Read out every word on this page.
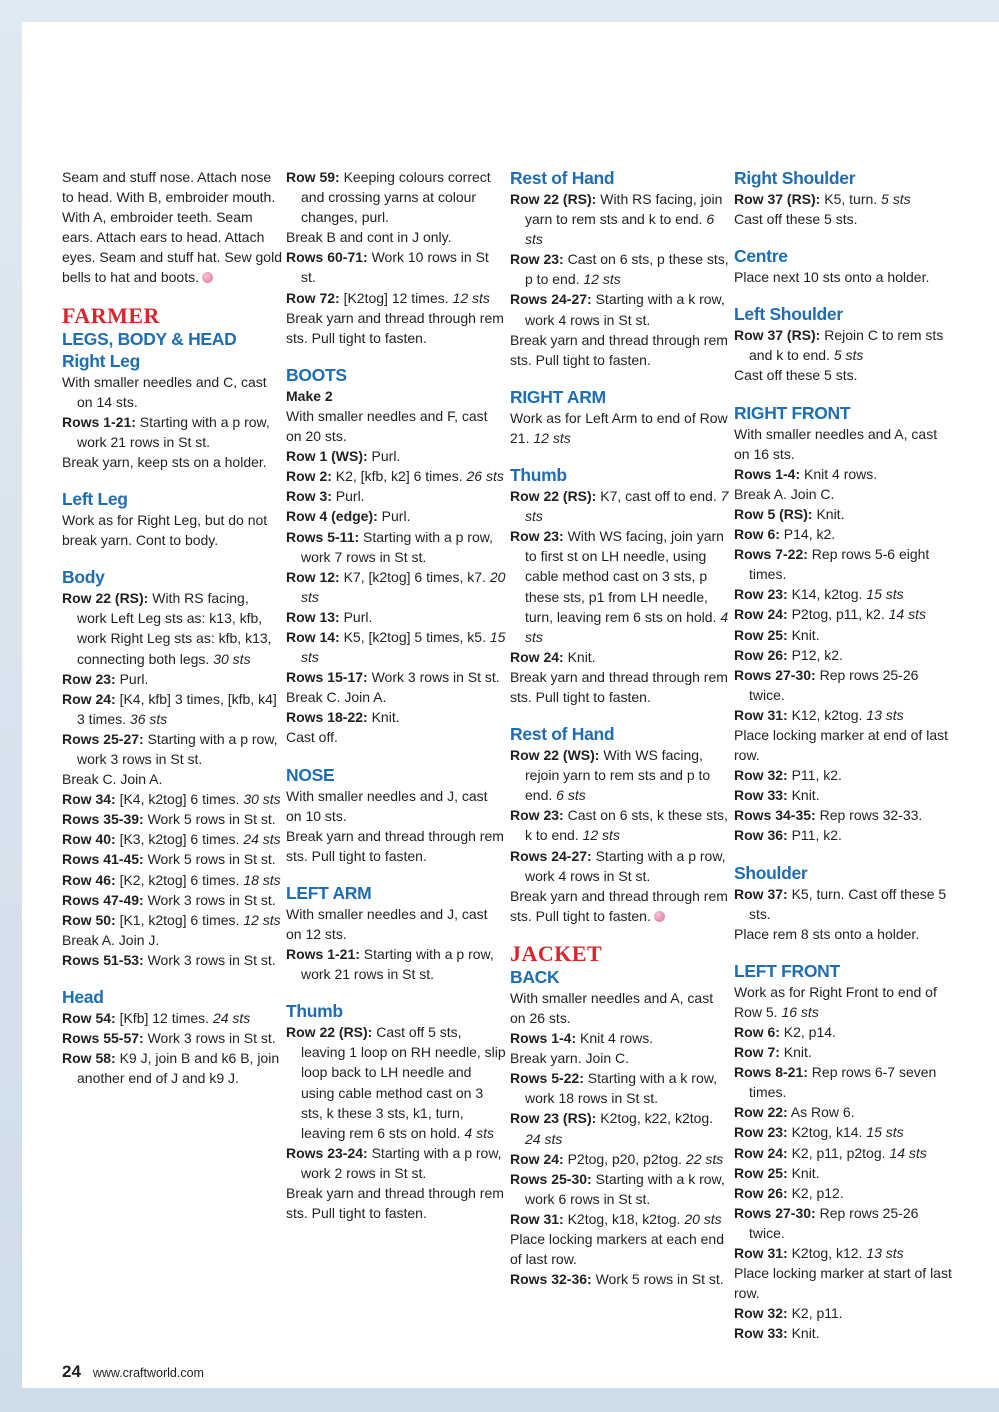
Seam and stuff nose. Attach nose to head. With B, embroider mouth. With A, embroider teeth. Seam ears. Attach ears to head. Attach eyes. Seam and stuff hat. Sew gold bells to hat and boots.

FARMER
LEGS, BODY & HEAD
Right Leg

With smaller needles and C, cast on 14 sts.

Rows 1-21: Starting with a p row, work 21 rows in St st.

Break yarn, keep sts on a holder.

Left Leg

Work as for Right Leg, but do not break yarn. Cont to body.

Body

Row 22 (RS): With RS facing, work Left Leg sts as: k13, kfb, work Right Leg sts as: kfb, k13, connecting both legs. 30 sts

Row 23: Purl.

Row 24: [K4, kfb] 3 times, [kfb, k4] 3 times. 36 sts

Rows 25-27: Starting with a p row, work 3 rows in St st.

Break C. Join A.

Row 34: [K4, k2tog] 6 times. 30 sts

Rows 35-39: Work 5 rows in St st.

Row 40: [K3, k2tog] 6 times. 24 sts

Rows 41-45: Work 5 rows in St st.

Row 46: [K2, k2tog] 6 times. 18 sts

Rows 47-49: Work 3 rows in St st.

Row 50: [K1, k2tog] 6 times. 12 sts

Break A. Join J.

Rows 51-53: Work 3 rows in St st.

Head

Row 54: [Kfb] 12 times. 24 sts

Rows 55-57: Work 3 rows in St st.

Row 58: K9 J, join B and k6 B, join another end of J and k9 J.

Row 59: Keeping colours correct and crossing yarns at colour changes, purl.

Break B and cont in J only.

Rows 60-71: Work 10 rows in St st.

Row 72: [K2tog] 12 times. 12 sts

Break yarn and thread through rem sts. Pull tight to fasten.

BOOTS

Make 2

With smaller needles and F, cast on 20 sts.

Row 1 (WS): Purl.

Row 2: K2, [kfb, k2] 6 times. 26 sts

Row 3: Purl.

Row 4 (edge): Purl.

Rows 5-11: Starting with a p row, work 7 rows in St st.

Row 12: K7, [k2tog] 6 times, k7. 20 sts

Row 13: Purl.

Row 14: K5, [k2tog] 5 times, k5. 15 sts

Rows 15-17: Work 3 rows in St st.

Break C. Join A.

Rows 18-22: Knit.

Cast off.

NOSE

With smaller needles and J, cast on 10 sts.

Break yarn and thread through rem sts. Pull tight to fasten.

LEFT ARM

With smaller needles and J, cast on 12 sts.

Rows 1-21: Starting with a p row, work 21 rows in St st.

Thumb

Row 22 (RS): Cast off 5 sts, leaving 1 loop on RH needle, slip loop back to LH needle and using cable method cast on 3 sts, k these 3 sts, k1, turn, leaving rem 6 sts on hold. 4 sts

Rows 23-24: Starting with a p row, work 2 rows in St st.

Break yarn and thread through rem sts. Pull tight to fasten.

Rest of Hand

Row 22 (RS): With RS facing, join yarn to rem sts and k to end. 6 sts

Row 23: Cast on 6 sts, p these sts, p to end. 12 sts

Rows 24-27: Starting with a k row, work 4 rows in St st.

Break yarn and thread through rem sts. Pull tight to fasten.

RIGHT ARM

Work as for Left Arm to end of Row 21. 12 sts

Thumb

Row 22 (RS): K7, cast off to end. 7 sts

Row 23: With WS facing, join yarn to first st on LH needle, using cable method cast on 3 sts, p these sts, p1 from LH needle, turn, leaving rem 6 sts on hold. 4 sts

Row 24: Knit.

Break yarn and thread through rem sts. Pull tight to fasten.

Rest of Hand

Row 22 (WS): With WS facing, rejoin yarn to rem sts and p to end. 6 sts

Row 23: Cast on 6 sts, k these sts, k to end. 12 sts

Rows 24-27: Starting with a p row, work 4 rows in St st.

Break yarn and thread through rem sts. Pull tight to fasten.

JACKET
BACK

With smaller needles and A, cast on 26 sts.

Rows 1-4: Knit 4 rows.

Break yarn. Join C.

Rows 5-22: Starting with a k row, work 18 rows in St st.

Row 23 (RS): K2tog, k22, k2tog. 24 sts

Row 24: P2tog, p20, p2tog. 22 sts

Rows 25-30: Starting with a k row, work 6 rows in St st.

Row 31: K2tog, k18, k2tog. 20 sts

Place locking markers at each end of last row.

Rows 32-36: Work 5 rows in St st.

Right Shoulder

Row 37 (RS): K5, turn. 5 sts

Cast off these 5 sts.

Centre

Place next 10 sts onto a holder.

Left Shoulder

Row 37 (RS): Rejoin C to rem sts and k to end. 5 sts

Cast off these 5 sts.

RIGHT FRONT

With smaller needles and A, cast on 16 sts.

Rows 1-4: Knit 4 rows.

Break A. Join C.

Row 5 (RS): Knit.

Row 6: P14, k2.

Rows 7-22: Rep rows 5-6 eight times.

Row 23: K14, k2tog. 15 sts

Row 24: P2tog, p11, k2. 14 sts

Row 25: Knit.

Row 26: P12, k2.

Rows 27-30: Rep rows 25-26 twice.

Row 31: K12, k2tog. 13 sts

Place locking marker at end of last row.

Row 32: P11, k2.

Row 33: Knit.

Rows 34-35: Rep rows 32-33.

Row 36: P11, k2.

Shoulder

Row 37: K5, turn. Cast off these 5 sts.

Place rem 8 sts onto a holder.

LEFT FRONT

Work as for Right Front to end of Row 5. 16 sts

Row 6: K2, p14.

Row 7: Knit.

Rows 8-21: Rep rows 6-7 seven times.

Row 22: As Row 6.

Row 23: K2tog, k14. 15 sts

Row 24: K2, p11, p2tog. 14 sts

Row 25: Knit.

Row 26: K2, p12.

Rows 27-30: Rep rows 25-26 twice.

Row 31: K2tog, k12. 13 sts

Place locking marker at start of last row.

Row 32: K2, p11.

Row 33: Knit.

24 www.craftworld.com
